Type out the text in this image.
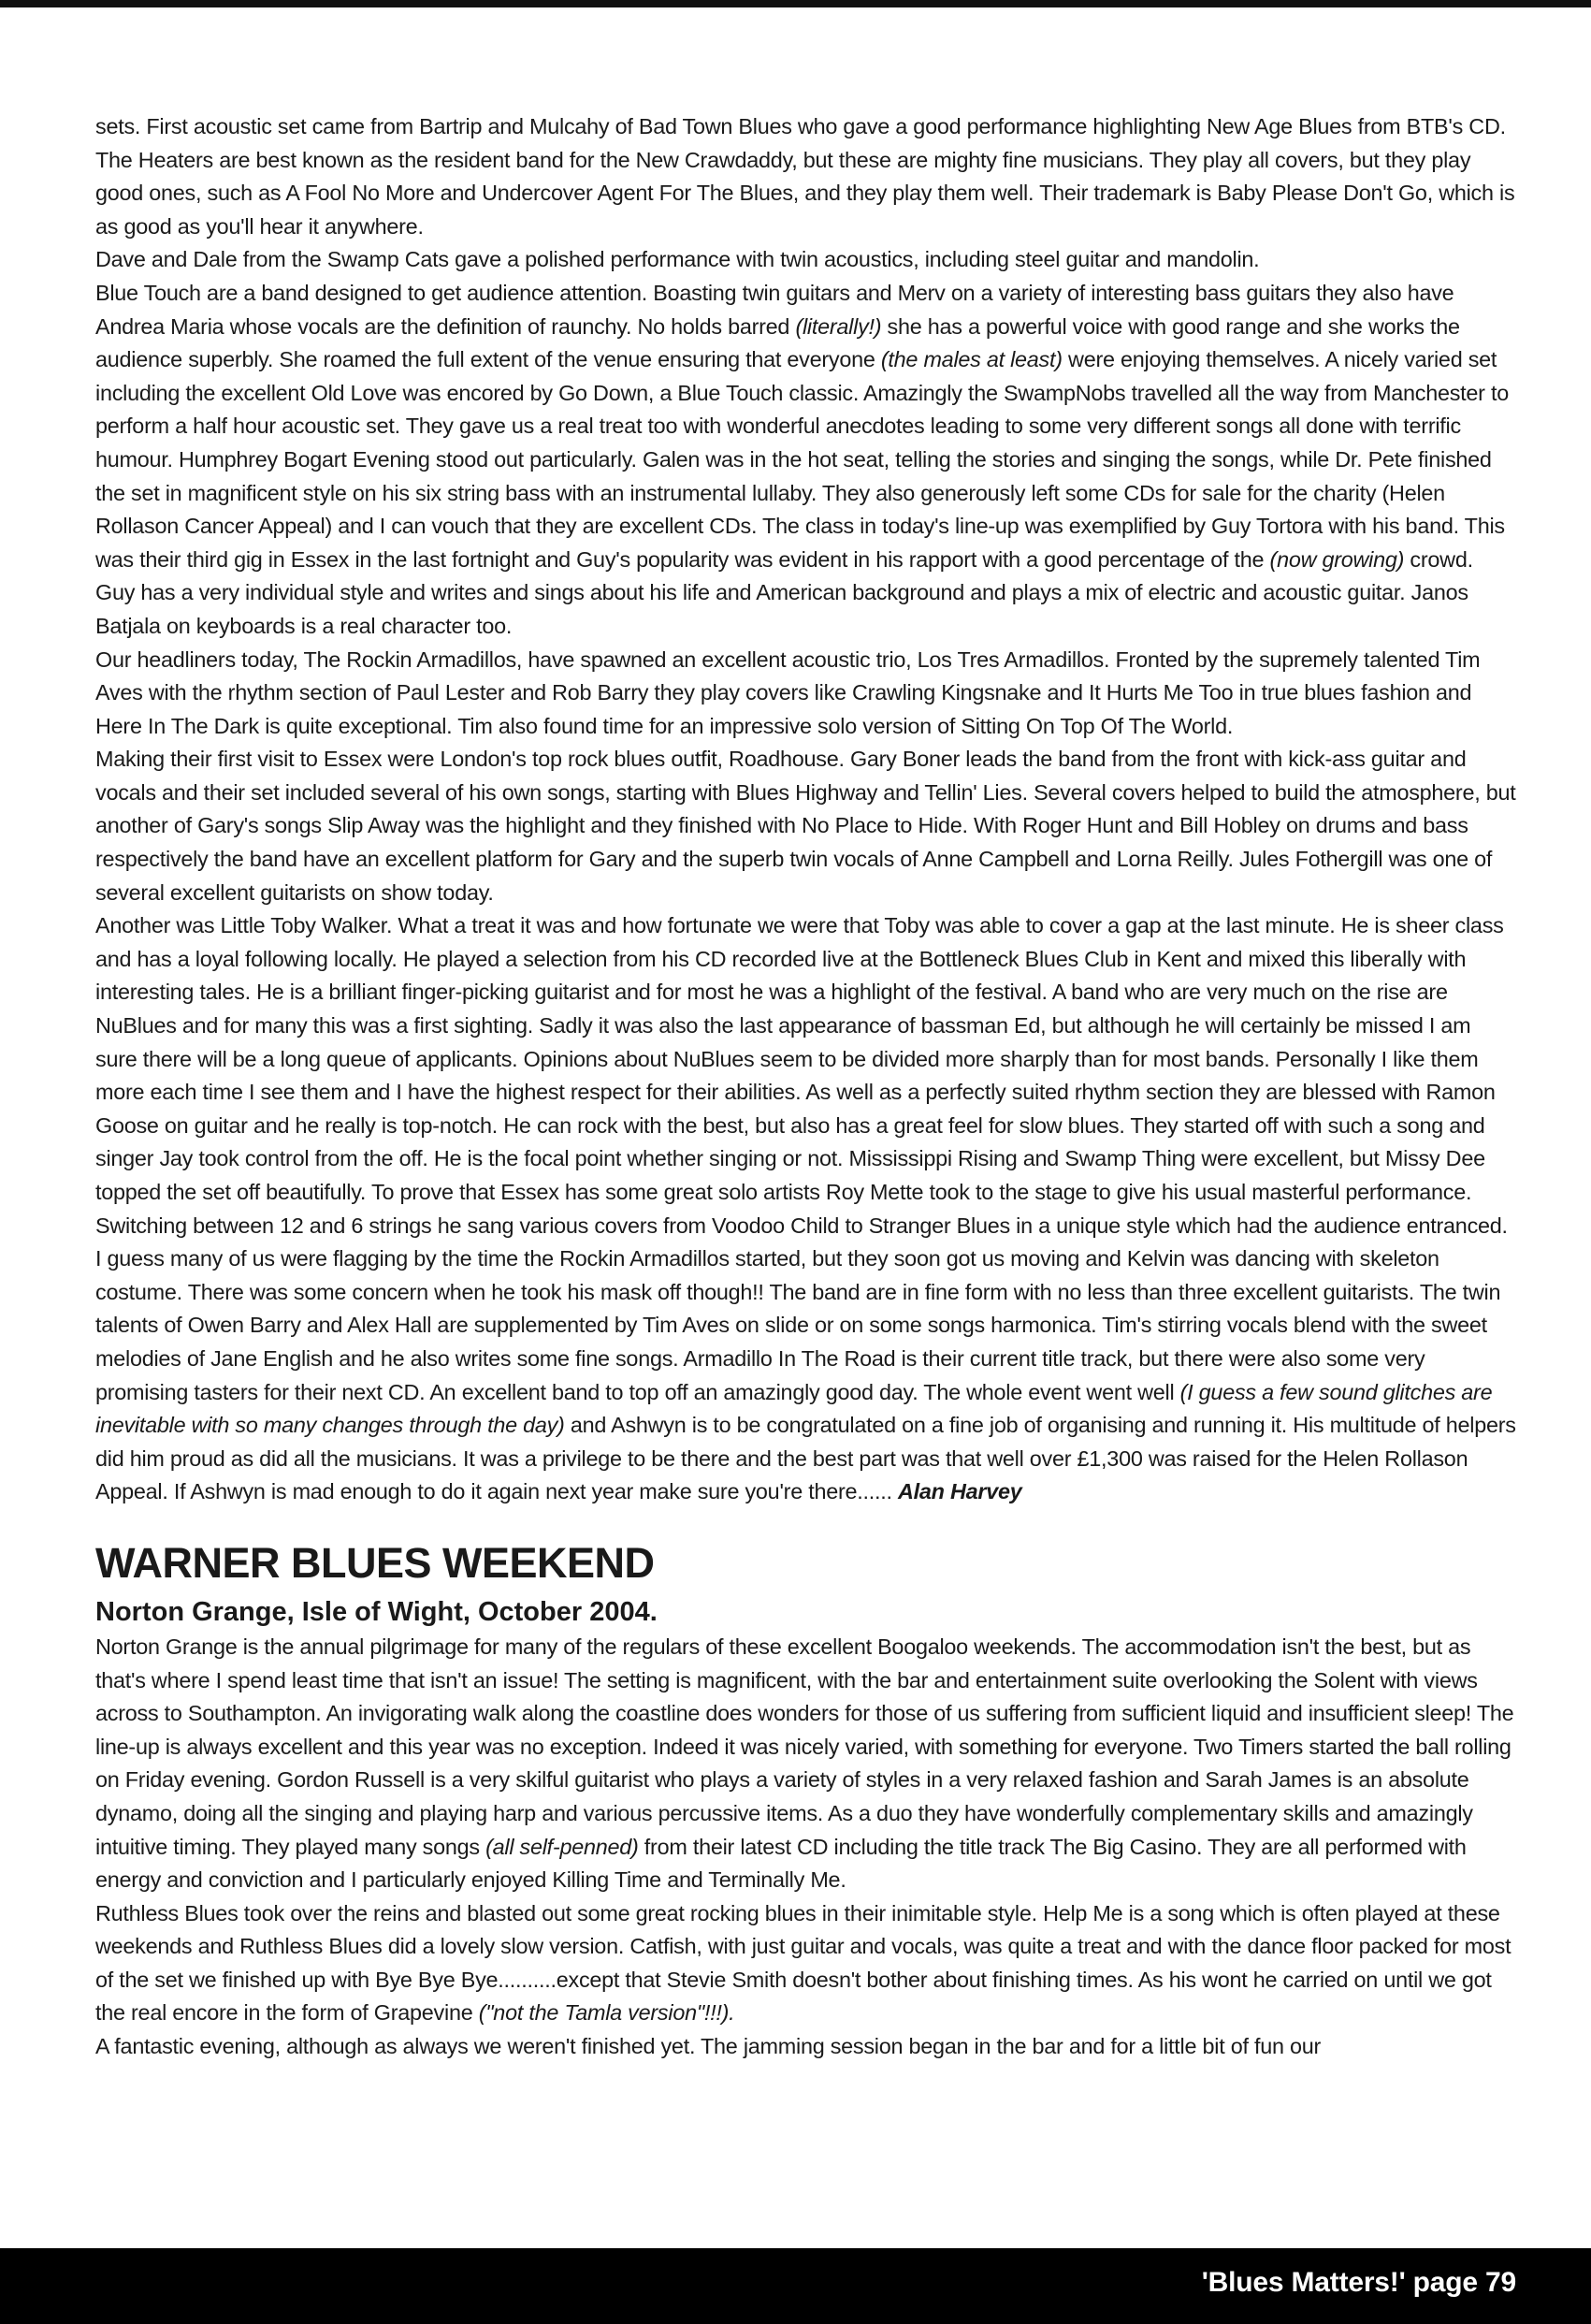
sets. First acoustic set came from Bartrip and Mulcahy of Bad Town Blues who gave a good performance highlighting New Age Blues from BTB's CD. The Heaters are best known as the resident band for the New Crawdaddy, but these are mighty fine musicians. They play all covers, but they play good ones, such as A Fool No More and Undercover Agent For The Blues, and they play them well. Their trademark is Baby Please Don't Go, which is as good as you'll hear it anywhere.

Dave and Dale from the Swamp Cats gave a polished performance with twin acoustics, including steel guitar and mandolin.

Blue Touch are a band designed to get audience attention. Boasting twin guitars and Merv on a variety of interesting bass guitars they also have Andrea Maria whose vocals are the definition of raunchy. No holds barred (literally!) she has a powerful voice with good range and she works the audience superbly. She roamed the full extent of the venue ensuring that everyone (the males at least) were enjoying themselves. A nicely varied set including the excellent Old Love was encored by Go Down, a Blue Touch classic. Amazingly the SwampNobs travelled all the way from Manchester to perform a half hour acoustic set. They gave us a real treat too with wonderful anecdotes leading to some very different songs all done with terrific humour. Humphrey Bogart Evening stood out particularly. Galen was in the hot seat, telling the stories and singing the songs, while Dr. Pete finished the set in magnificent style on his six string bass with an instrumental lullaby. They also generously left some CDs for sale for the charity (Helen Rollason Cancer Appeal) and I can vouch that they are excellent CDs. The class in today's line-up was exemplified by Guy Tortora with his band. This was their third gig in Essex in the last fortnight and Guy's popularity was evident in his rapport with a good percentage of the (now growing) crowd. Guy has a very individual style and writes and sings about his life and American background and plays a mix of electric and acoustic guitar. Janos Batjala on keyboards is a real character too.

Our headliners today, The Rockin Armadillos, have spawned an excellent acoustic trio, Los Tres Armadillos. Fronted by the supremely talented Tim Aves with the rhythm section of Paul Lester and Rob Barry they play covers like Crawling Kingsnake and It Hurts Me Too in true blues fashion and Here In The Dark is quite exceptional. Tim also found time for an impressive solo version of Sitting On Top Of The World.

Making their first visit to Essex were London's top rock blues outfit, Roadhouse. Gary Boner leads the band from the front with kick-ass guitar and vocals and their set included several of his own songs, starting with Blues Highway and Tellin' Lies. Several covers helped to build the atmosphere, but another of Gary's songs Slip Away was the highlight and they finished with No Place to Hide. With Roger Hunt and Bill Hobley on drums and bass respectively the band have an excellent platform for Gary and the superb twin vocals of Anne Campbell and Lorna Reilly. Jules Fothergill was one of several excellent guitarists on show today.

Another was Little Toby Walker. What a treat it was and how fortunate we were that Toby was able to cover a gap at the last minute. He is sheer class and has a loyal following locally. He played a selection from his CD recorded live at the Bottleneck Blues Club in Kent and mixed this liberally with interesting tales. He is a brilliant finger-picking guitarist and for most he was a highlight of the festival. A band who are very much on the rise are NuBlues and for many this was a first sighting. Sadly it was also the last appearance of bassman Ed, but although he will certainly be missed I am sure there will be a long queue of applicants. Opinions about NuBlues seem to be divided more sharply than for most bands. Personally I like them more each time I see them and I have the highest respect for their abilities. As well as a perfectly suited rhythm section they are blessed with Ramon Goose on guitar and he really is top-notch. He can rock with the best, but also has a great feel for slow blues. They started off with such a song and singer Jay took control from the off. He is the focal point whether singing or not. Mississippi Rising and Swamp Thing were excellent, but Missy Dee topped the set off beautifully. To prove that Essex has some great solo artists Roy Mette took to the stage to give his usual masterful performance. Switching between 12 and 6 strings he sang various covers from Voodoo Child to Stranger Blues in a unique style which had the audience entranced.

I guess many of us were flagging by the time the Rockin Armadillos started, but they soon got us moving and Kelvin was dancing with skeleton costume. There was some concern when he took his mask off though!! The band are in fine form with no less than three excellent guitarists. The twin talents of Owen Barry and Alex Hall are supplemented by Tim Aves on slide or on some songs harmonica. Tim's stirring vocals blend with the sweet melodies of Jane English and he also writes some fine songs. Armadillo In The Road is their current title track, but there were also some very promising tasters for their next CD. An excellent band to top off an amazingly good day. The whole event went well (I guess a few sound glitches are inevitable with so many changes through the day) and Ashwyn is to be congratulated on a fine job of organising and running it. His multitude of helpers did him proud as did all the musicians. It was a privilege to be there and the best part was that well over £1,300 was raised for the Helen Rollason Appeal. If Ashwyn is mad enough to do it again next year make sure you're there...... Alan Harvey

WARNER BLUES WEEKEND
Norton Grange, Isle of Wight, October 2004.

Norton Grange is the annual pilgrimage for many of the regulars of these excellent Boogaloo weekends. The accommodation isn't the best, but as that's where I spend least time that isn't an issue! The setting is magnificent, with the bar and entertainment suite overlooking the Solent with views across to Southampton. An invigorating walk along the coastline does wonders for those of us suffering from sufficient liquid and insufficient sleep! The line-up is always excellent and this year was no exception. Indeed it was nicely varied, with something for everyone. Two Timers started the ball rolling on Friday evening. Gordon Russell is a very skilful guitarist who plays a variety of styles in a very relaxed fashion and Sarah James is an absolute dynamo, doing all the singing and playing harp and various percussive items. As a duo they have wonderfully complementary skills and amazingly intuitive timing. They played many songs (all self-penned) from their latest CD including the title track The Big Casino. They are all performed with energy and conviction and I particularly enjoyed Killing Time and Terminally Me.

Ruthless Blues took over the reins and blasted out some great rocking blues in their inimitable style. Help Me is a song which is often played at these weekends and Ruthless Blues did a lovely slow version. Catfish, with just guitar and vocals, was quite a treat and with the dance floor packed for most of the set we finished up with Bye Bye Bye..........except that Stevie Smith doesn't bother about finishing times. As his wont he carried on until we got the real encore in the form of Grapevine ("not the Tamla version"!!!).

A fantastic evening, although as always we weren't finished yet. The jamming session began in the bar and for a little bit of fun our

'Blues Matters!' page 79
